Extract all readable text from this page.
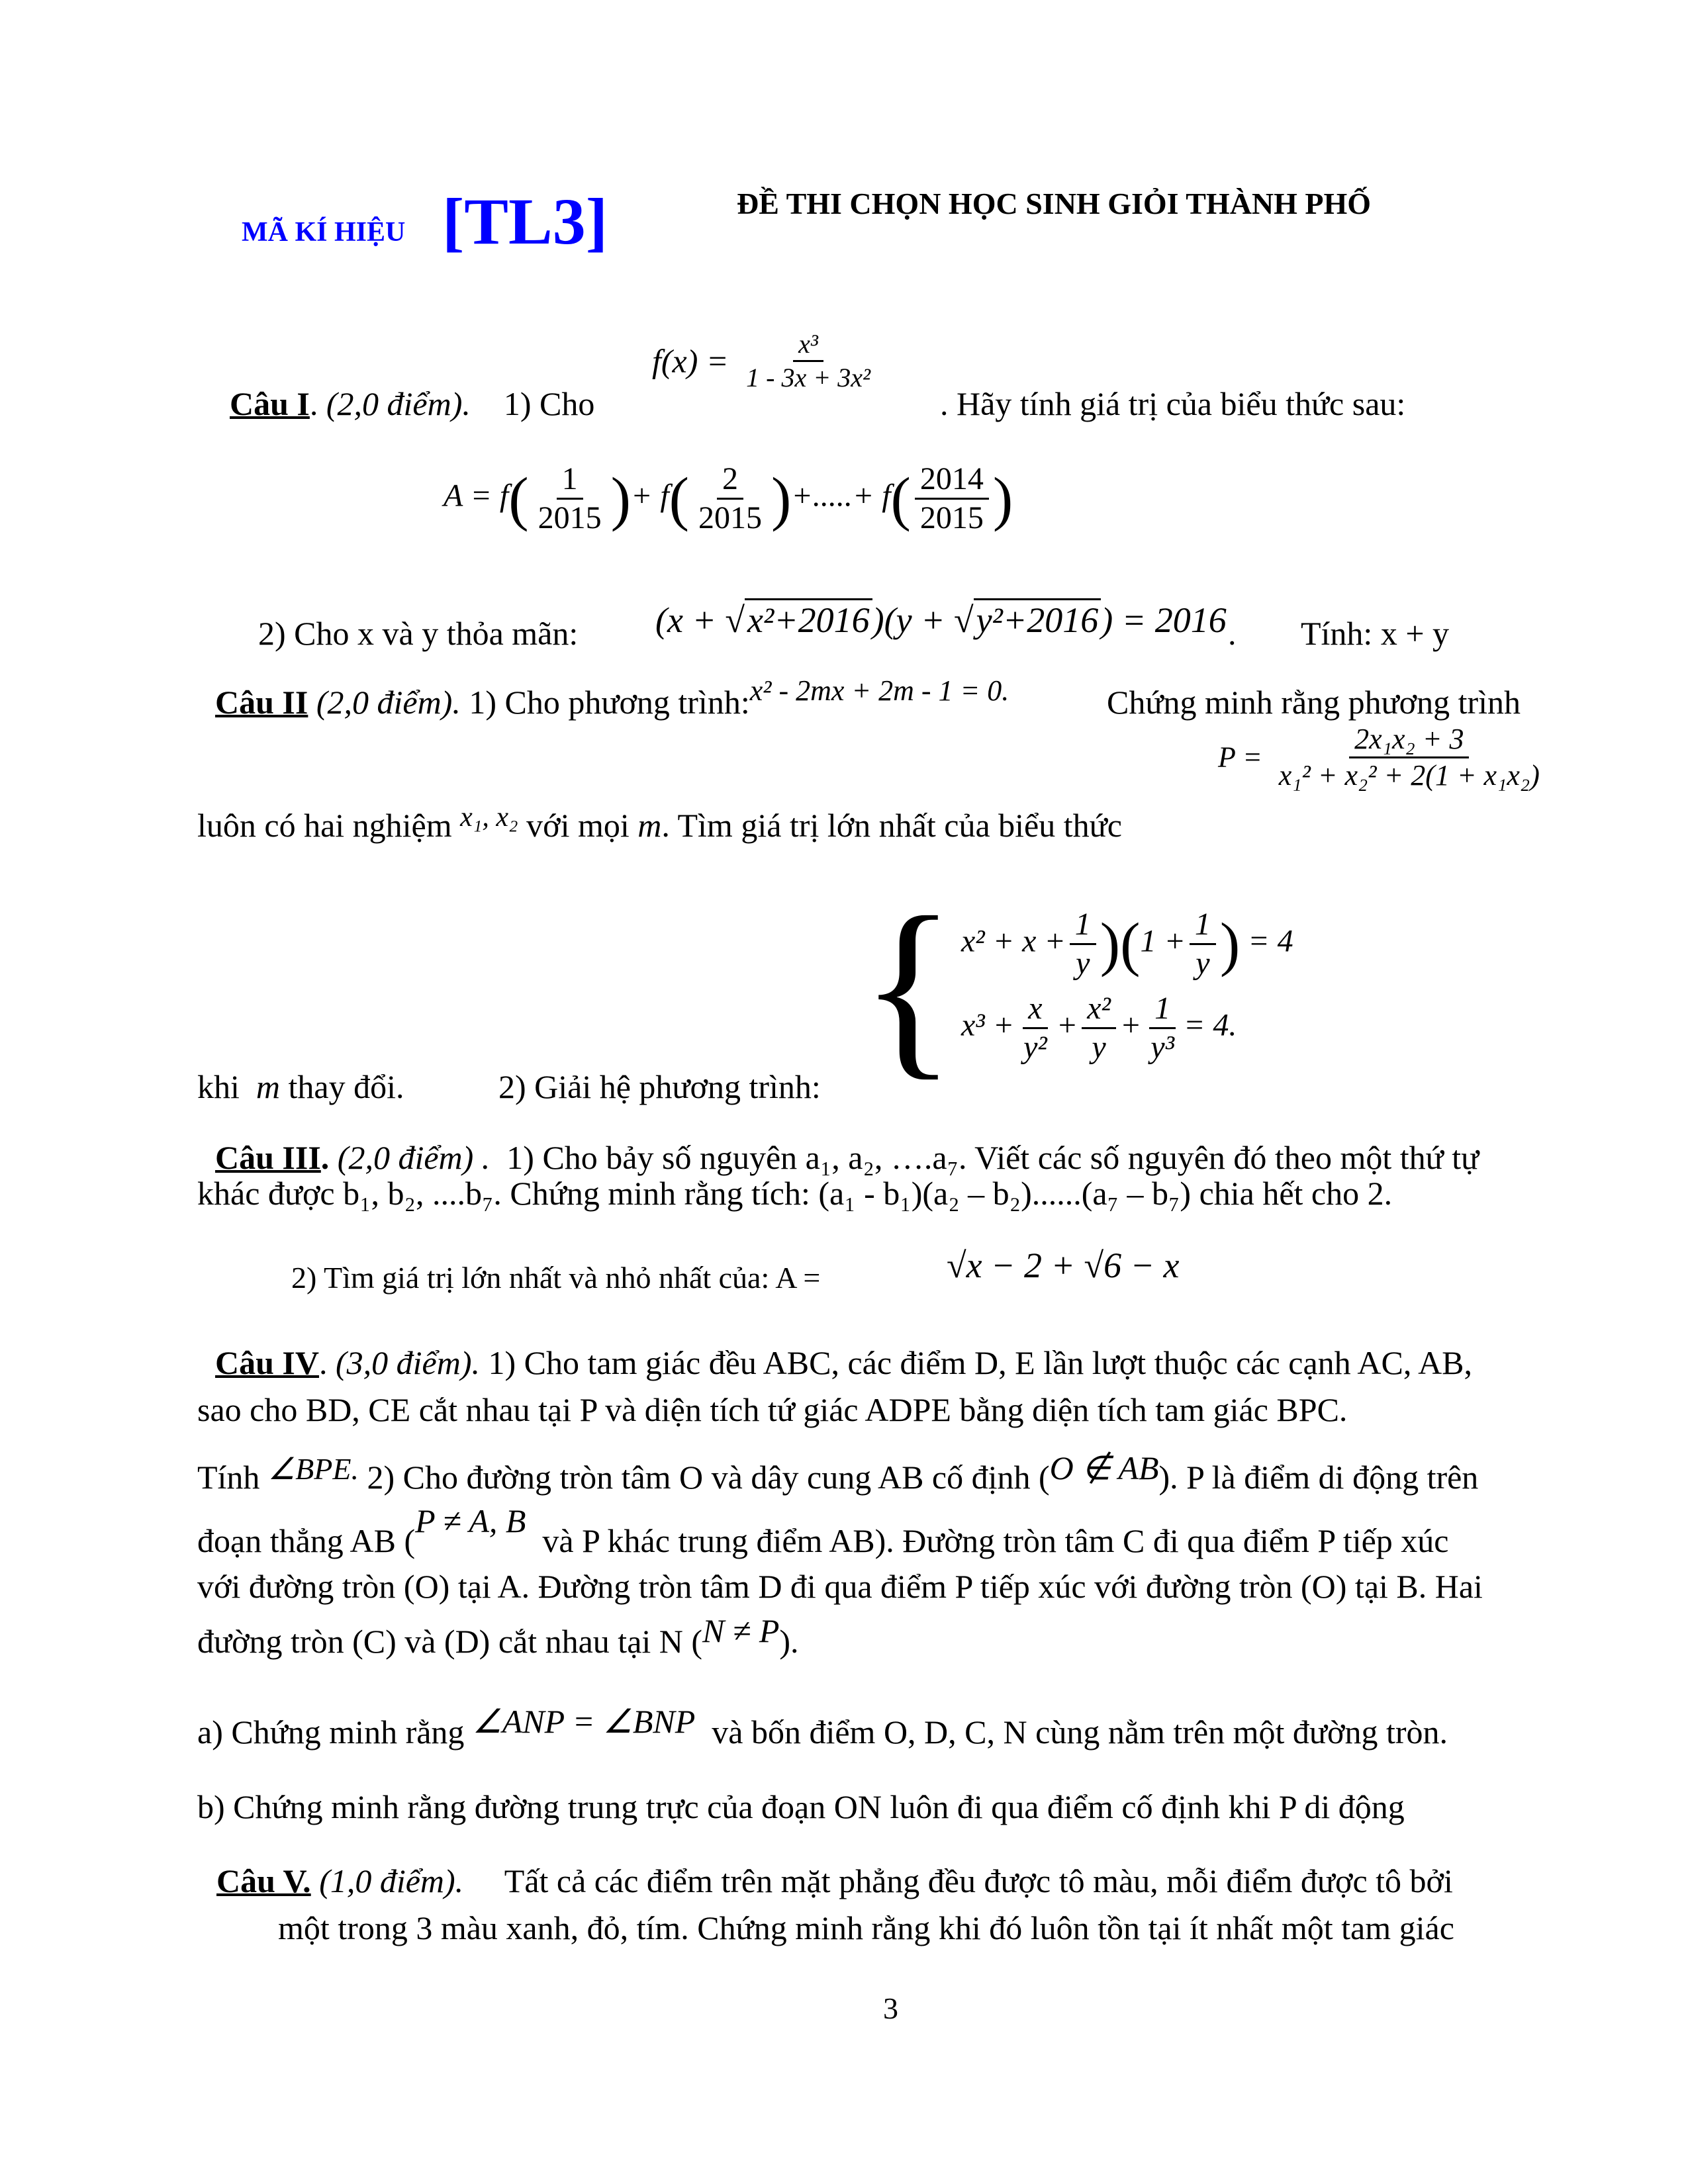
MÃ KÍ HIỆU [TL3]	ĐỀ THI CHỌN HỌC SINH GIỎI THÀNH PHỐ
Câu I. (2,0 điểm). 1) Cho
$f(x) = \frac{\text{x³}}{\text{1 - 3x + 3x²}}$
. Hãy tính giá trị của biểu thức sau:
$A = f( \frac{1}{2015}$ )+ $f( \frac{2}{2015}$ )+.....+ $f( \frac{2014}{2015}$ )
2) Cho x và y thỏa mãn: (x + √x²+2016)(y + √y²+2016) = 2016 . Tính: x + y
Câu II (2,0 điểm). 1) Cho phương trình:x² - 2mx + 2m - 1 = 0.	Chứng minh rằng phương trình
luôn có hai nghiệm $^{x_1, x_2}$ với mọi m. Tìm giá trị lớn nhất của biểu thức
$P = \frac{\text{2x₁x₂ + 3}}{\text{x₁² + x₂² + 2(1 + x₁x₂)}}$
{ $x^2 + x + \frac{1}{y} )(1 + \frac{1}{y}$ ) = 4
$x^3 + \frac{x}{\text{y²}} + \frac{\text{x²}}{y} + \frac{1}{\text{y³}} = 4$.
khi m thay đổi.	2) Giải hệ phương trình:
Câu III. (2,0 điểm) . 1) Cho bảy số nguyên a₁, a₂, ….a₇. Viết các số nguyên đó theo một thứ tự
khác được b₁, b₂, ....b₇. Chứng minh rằng tích: (a₁ - b₁)(a₂ – b₂)......(a₇ – b₇) chia hết cho 2.
2) Tìm giá trị lớn nhất và nhỏ nhất của: A =	√x − 2 + √6 − x
Câu IV. (3,0 điểm). 1) Cho tam giác đều ABC, các điểm D, E lần lượt thuộc các cạnh AC, AB,
sao cho BD, CE cắt nhau tại P và diện tích tứ giác ADPE bằng diện tích tam giác BPC.
Tính ∠BPE. 2) Cho đường tròn tâm O và dây cung AB cố định (O ∉ AB). P là điểm di động trên
đoạn thẳng AB (P ≠ A, B  và P khác trung điểm AB). Đường tròn tâm C đi qua điểm P tiếp xúc
với đường tròn (O) tại A. Đường tròn tâm D đi qua điểm P tiếp xúc với đường tròn (O) tại B. Hai
đường tròn (C) và (D) cắt nhau tại N (N ≠ P).
a) Chứng minh rằng ∠ANP = ∠BNP và bốn điểm O, D, C, N cùng nằm trên một đường tròn.
b) Chứng minh rằng đường trung trực của đoạn ON luôn đi qua điểm cố định khi P di động
Câu V. (1,0 điểm). Tất cả các điểm trên mặt phẳng đều được tô màu, mỗi điểm được tô bởi
một trong 3 màu xanh, đỏ, tím. Chứng minh rằng khi đó luôn tồn tại ít nhất một tam giác
3
